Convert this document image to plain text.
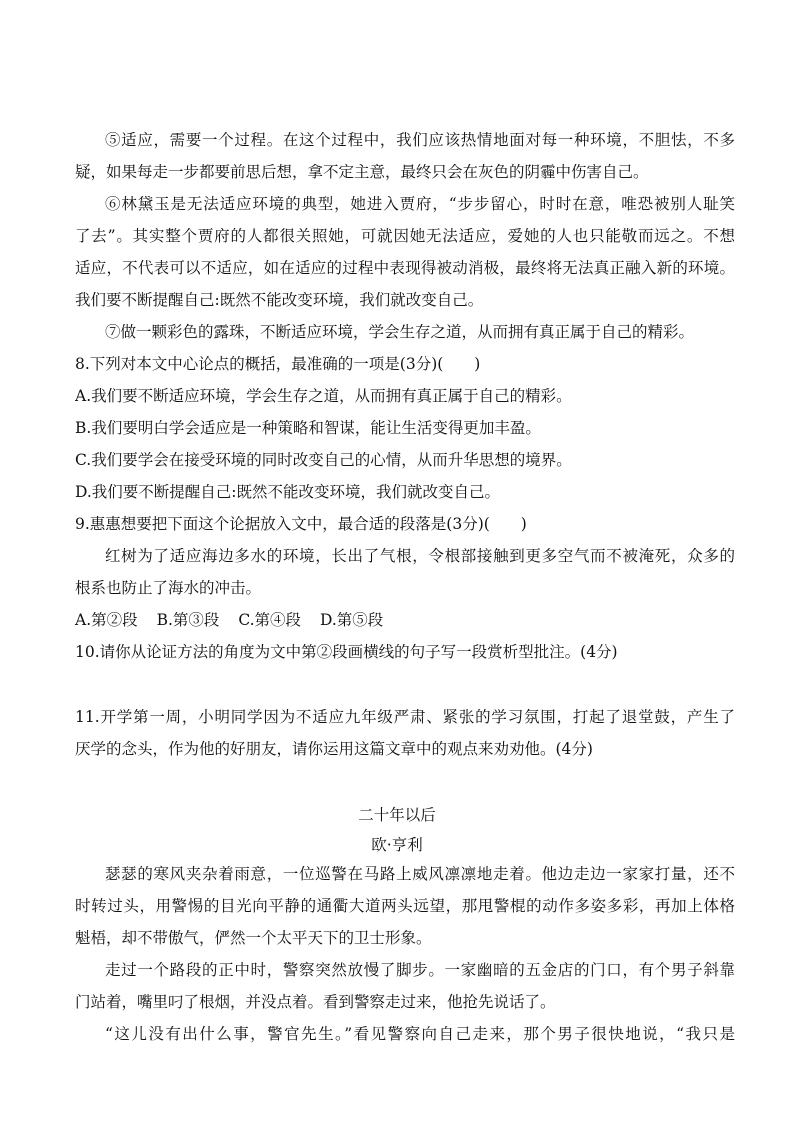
⑤适应，需要一个过程。在这个过程中，我们应该热情地面对每一种环境，不胆怯，不多
疑，如果每走一步都要前思后想，拿不定主意，最终只会在灰色的阴霾中伤害自己。
⑥林黛玉是无法适应环境的典型，她进入贾府，“步步留心，时时在意，唯恐被别人耻笑
了去”。其实整个贾府的人都很关照她，可就因她无法适应，爱她的人也只能敬而远之。不想
适应，不代表可以不适应，如在适应的过程中表现得被动消极，最终将无法真正融入新的环境。
我们要不断提醒自己:既然不能改变环境，我们就改变自己。
⑦做一颗彩色的露珠，不断适应环境，学会生存之道，从而拥有真正属于自己的精彩。
8.下列对本文中心论点的概括，最准确的一项是(3分)(　　)
A.我们要不断适应环境，学会生存之道，从而拥有真正属于自己的精彩。
B.我们要明白学会适应是一种策略和智谋，能让生活变得更加丰盈。
C.我们要学会在接受环境的同时改变自己的心情，从而升华思想的境界。
D.我们要不断提醒自己:既然不能改变环境，我们就改变自己。
9.惠惠想要把下面这个论据放入文中，最合适的段落是(3分)(　　)
红树为了适应海边多水的环境，长出了气根，令根部接触到更多空气而不被淹死，众多的
根系也防止了海水的冲击。
A.第②段 B.第③段 C.第④段 D.第⑤段
10.请你从论证方法的角度为文中第②段画横线的句子写一段赏析型批注。(4分)
11.开学第一周，小明同学因为不适应九年级严肃、紧张的学习氛围，打起了退堂鼓，产生了
厌学的念头，作为他的好朋友，请你运用这篇文章中的观点来劝劝他。(4分)
二十年以后
欧·亨利
瑟瑟的寒风夹杂着雨意，一位巡警在马路上威风凛凛地走着。他边走边一家家打量，还不
时转过头，用警惕的目光向平静的通衢大道两头远望，那甩警棍的动作多姿多彩，再加上体格
魁梧，却不带傲气，俨然一个太平天下的卫士形象。
走过一个路段的正中时，警察突然放慢了脚步。一家幽暗的五金店的门口，有个男子斜靠
门站着，嘴里叼了根烟，并没点着。看到警察走过来，他抢先说话了。
“这儿没有出什么事，警官先生。”看见警察向自己走来，那个男子很快地说，“我只是
